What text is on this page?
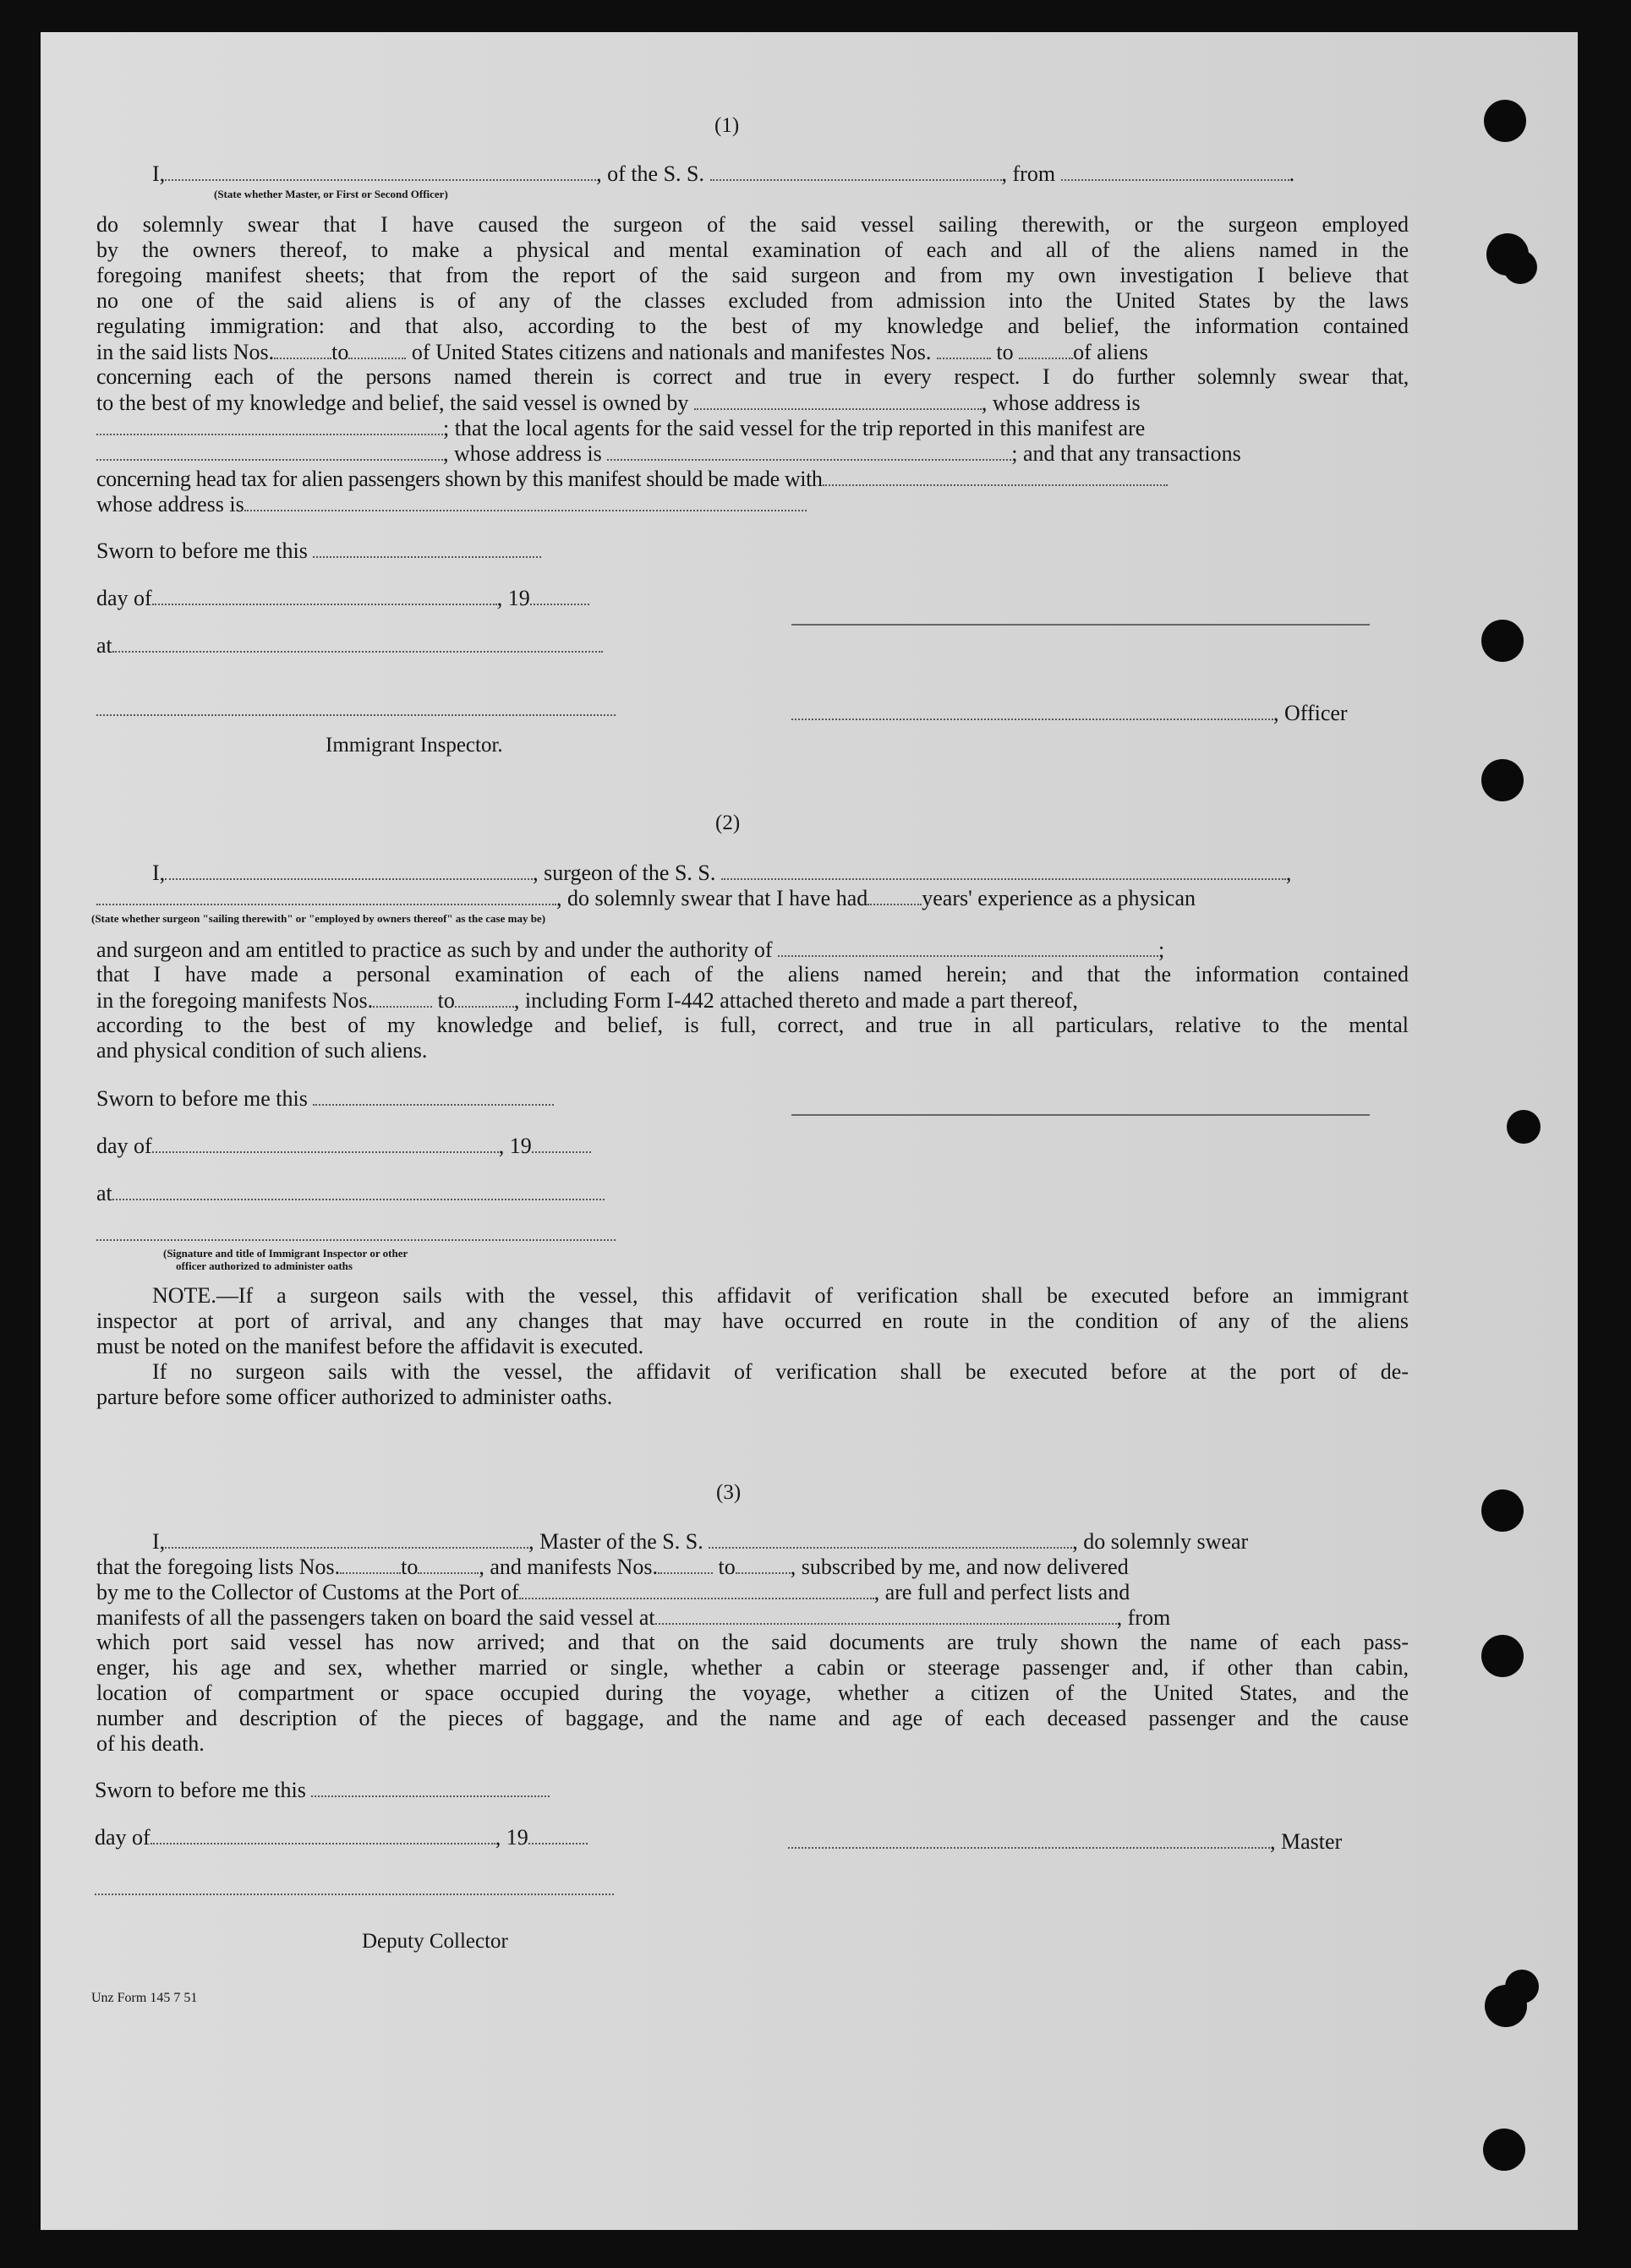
(1)
I,	, of the S. S.	, from	.
(State whether Master, or First or Second Officer)
do solemnly swear that I have caused the surgeon of the said vessel sailing therewith, or the surgeon employed
by the owners thereof, to make a physical and mental examination of each and all of the aliens named in the
foregoing manifest sheets; that from the report of the said surgeon and from my own investigation I believe that
no one of the said aliens is of any of the classes excluded from admission into the United States by the laws
regulating immigration: and that also, according to the best of my knowledge and belief, the information contained
in the said lists Nos.	to	of United States citizens and nationals and manifestes Nos.	to	of aliens
concerning each of the persons named therein is correct and true in every respect. I do further solemnly swear that,
to the best of my knowledge and belief, the said vessel is owned by	, whose address is
; that the local agents for the said vessel for the trip reported in this manifest are
, whose address is	; and that any transactions
concerning head tax for alien passengers shown by this manifest should be made with
whose address is
Sworn to before me this
day of	, 19
at
, Officer
Immigrant Inspector.
(2)
I,	, surgeon of the S. S.	,
, do solemnly swear that I have had years' experience as a physican
(State whether surgeon "sailing therewith" or "employed by owners thereof" as the case may be)
and surgeon and am entitled to practice as such by and under the authority of	;
that I have made a personal examination of each of the aliens named herein; and that the information contained
in the foregoing manifests Nos.	to	, including Form I-442 attached thereto and made a part thereof,
according to the best of my knowledge and belief, is full, correct, and true in all particulars, relative to the mental
and physical condition of such aliens.
Sworn to before me this
day of	, 19
at
(Signature and title of Immigrant Inspector or other
officer authorized to administer oaths
NOTE.—If a surgeon sails with the vessel, this affidavit of verification shall be executed before an immigrant
inspector at port of arrival, and any changes that may have occurred en route in the condition of any of the aliens
must be noted on the manifest before the affidavit is executed.
If no surgeon sails with the vessel, the affidavit of verification shall be executed before at the port of de-
parture before some officer authorized to administer oaths.
(3)
I,	, Master of the S. S.	, do solemnly swear
that the foregoing lists Nos.	to	, and manifests Nos.	to	, subscribed by me, and now delivered
by me to the Collector of Customs at the Port of	, are full and perfect lists and
manifests of all the passengers taken on board the said vessel at	, from
which port said vessel has now arrived; and that on the said documents are truly shown the name of each pass-
enger, his age and sex, whether married or single, whether a cabin or steerage passenger and, if other than cabin,
location of compartment or space occupied during the voyage, whether a citizen of the United States, and the
number and description of the pieces of baggage, and the name and age of each deceased passenger and the cause
of his death.
Sworn to before me this
day of	, 19	, Master
Deputy Collector
Unz Form 145 7 51
